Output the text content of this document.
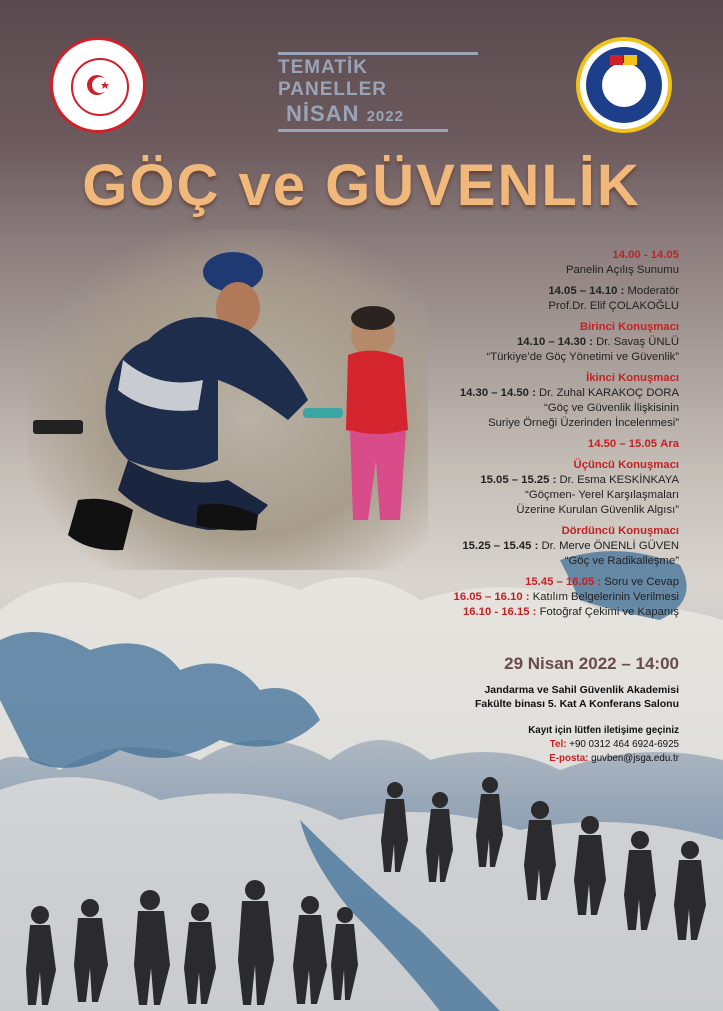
TEMATİK PANELLER
NİSAN 2022
GÖÇ ve GÜVENLİK
14.00 - 14.05
Panelin Açılış Sunumu
14.05 – 14.10 : Moderatör
Prof.Dr. Elif ÇOLAKOĞLU
Birinci Konuşmacı
14.10 – 14.30 : Dr. Savaş ÜNLÜ
“Türkiye’de Göç Yönetimi ve Güvenlik”
İkinci Konuşmacı
14.30 – 14.50 : Dr. Zuhal KARAKOÇ DORA
“Göç ve Güvenlik İlişkisinin
Suriye Örneği Üzerinden İncelenmesi”
14.50 – 15.05 Ara
Üçüncü Konuşmacı
15.05 – 15.25 : Dr. Esma KESKİNKAYA
“Göçmen- Yerel Karşılaşmaları
Üzerine Kurulan Güvenlik Algısı”
Dördüncü Konuşmacı
15.25 – 15.45 : Dr. Merve ÖNENLİ GÜVEN
“Göç ve Radikalleşme”
15.45 – 16.05 : Soru ve Cevap
16.05 – 16.10 : Katılım Belgelerinin Verilmesi
16.10 - 16.15 : Fotoğraf Çekimi ve Kapanış
29 Nisan 2022 – 14:00
Jandarma ve Sahil Güvenlik Akademisi
Fakülte binası 5. Kat A Konferans Salonu
Kayıt için lütfen iletişime geçiniz
Tel: +90 0312 464 6924-6925
E-posta: guvben@jsga.edu.tr
